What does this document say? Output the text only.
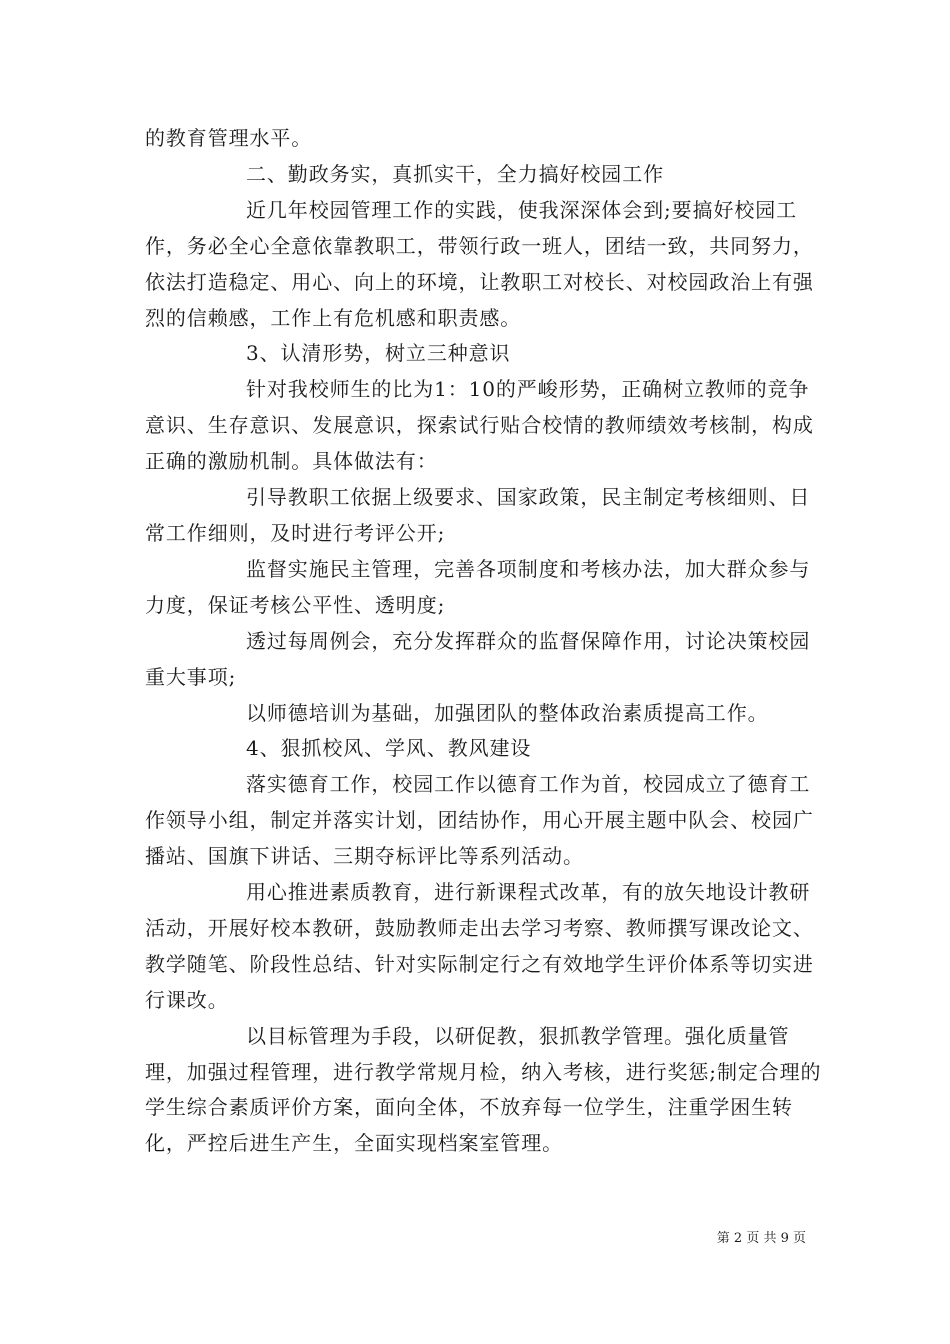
的教育管理水平。

二、勤政务实，真抓实干，全力搞好校园工作

近几年校园管理工作的实践，使我深深体会到;要搞好校园工作，务必全心全意依靠教职工，带领行政一班人，团结一致，共同努力，依法打造稳定、用心、向上的环境，让教职工对校长、对校园政治上有强烈的信赖感，工作上有危机感和职责感。

3、认清形势，树立三种意识

针对我校师生的比为1：10的严峻形势，正确树立教师的竞争意识、生存意识、发展意识，探索试行贴合校情的教师绩效考核制，构成正确的激励机制。具体做法有：

引导教职工依据上级要求、国家政策，民主制定考核细则、日常工作细则，及时进行考评公开;

监督实施民主管理，完善各项制度和考核办法，加大群众参与力度，保证考核公平性、透明度;

透过每周例会，充分发挥群众的监督保障作用，讨论决策校园重大事项;

以师德培训为基础，加强团队的整体政治素质提高工作。

4、狠抓校风、学风、教风建设

落实德育工作，校园工作以德育工作为首，校园成立了德育工作领导小组，制定并落实计划，团结协作，用心开展主题中队会、校园广播站、国旗下讲话、三期夺标评比等系列活动。

用心推进素质教育，进行新课程式改革，有的放矢地设计教研活动，开展好校本教研，鼓励教师走出去学习考察、教师撰写课改论文、教学随笔、阶段性总结、针对实际制定行之有效地学生评价体系等切实进行课改。

以目标管理为手段，以研促教，狠抓教学管理。强化质量管理，加强过程管理，进行教学常规月检，纳入考核，进行奖惩;制定合理的学生综合素质评价方案，面向全体，不放弃每一位学生，注重学困生转化，严控后进生产生，全面实现档案室管理。

第 2 页 共 9 页
